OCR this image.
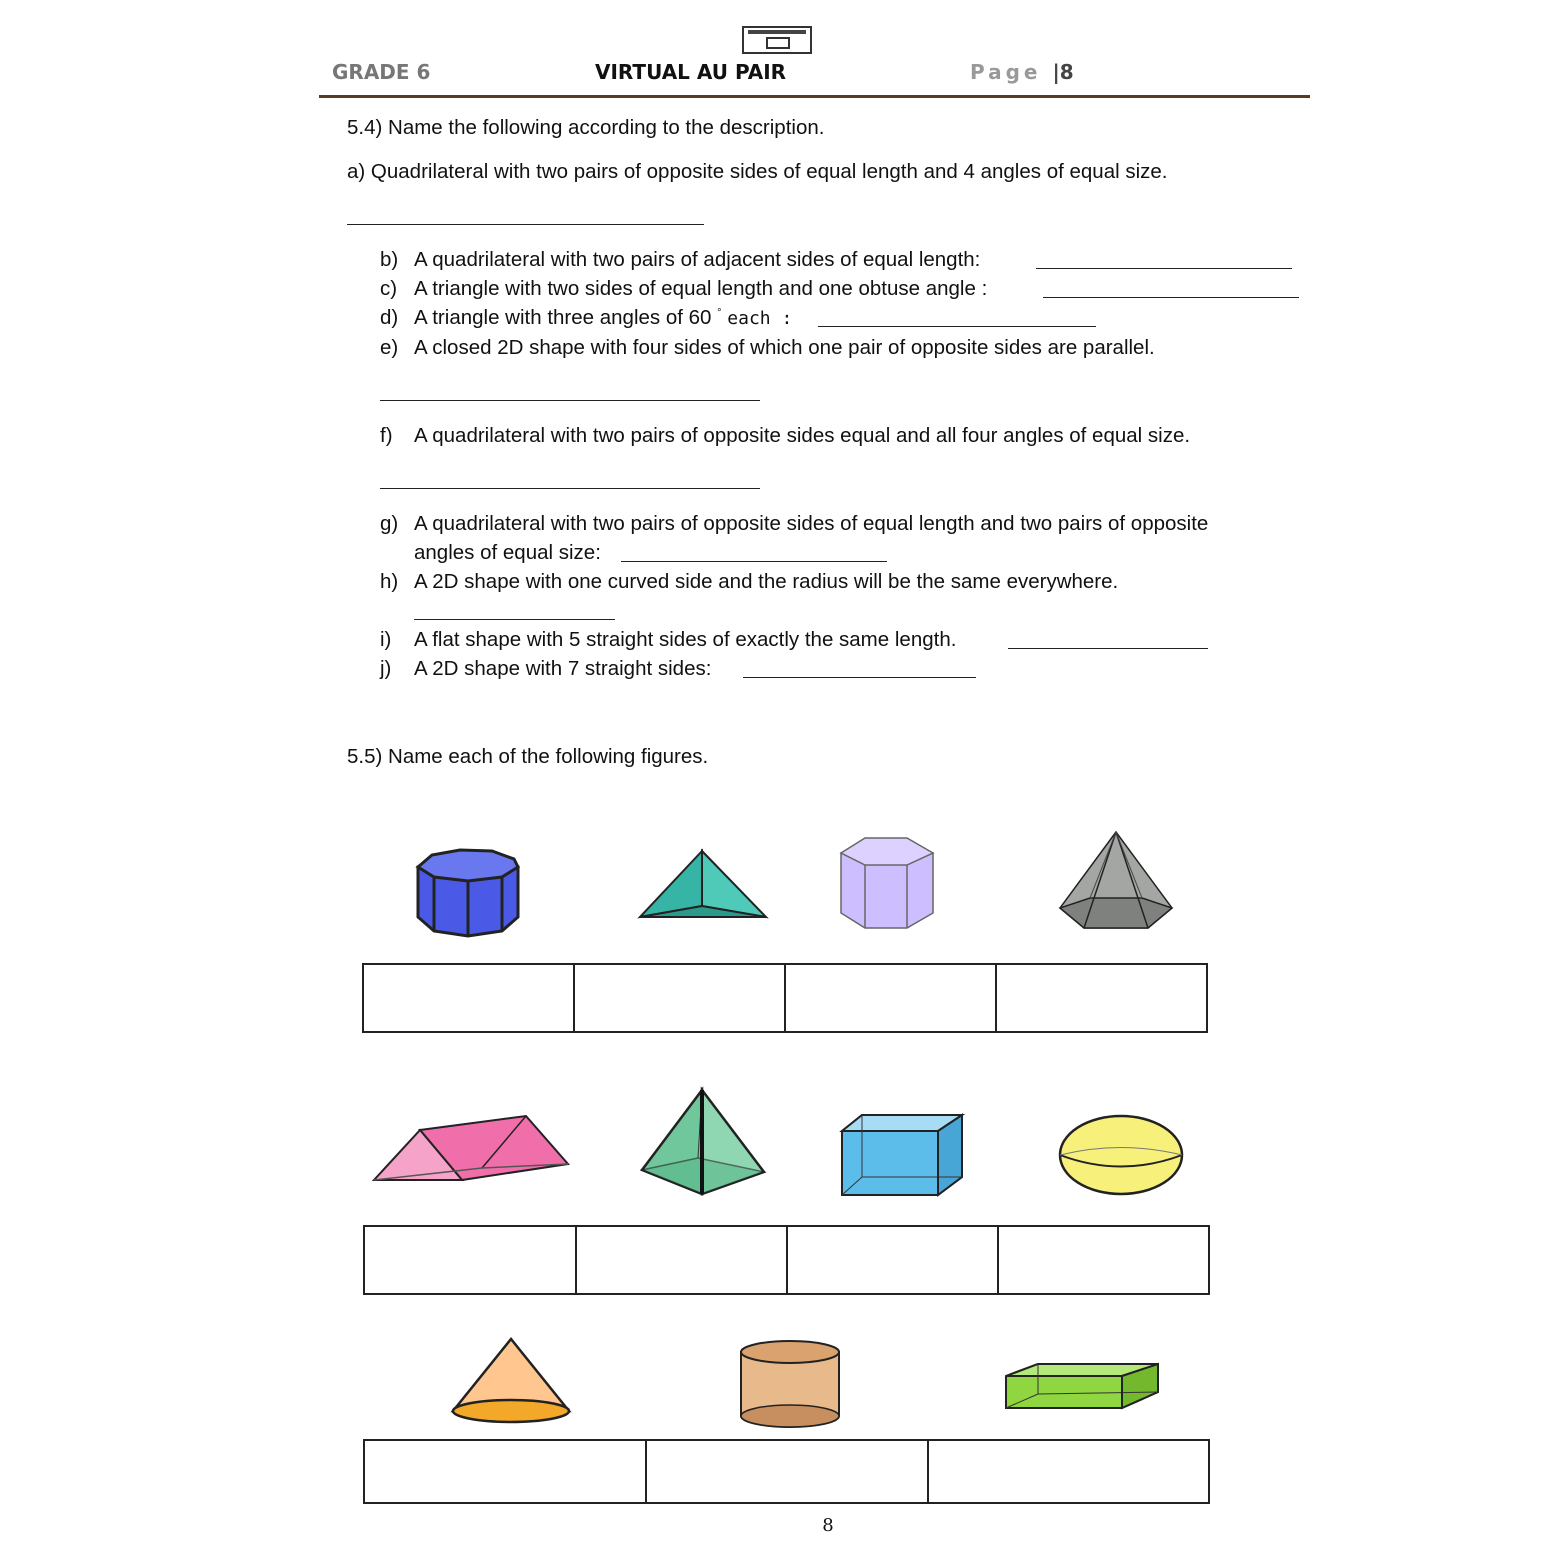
GRADE 6	VIRTUAL AU PAIR	Page |8
5.4) Name the following according to the description.
a) Quadrilateral with two pairs of opposite sides of equal length and 4 angles of equal size.
b) A quadrilateral with two pairs of adjacent sides of equal length:
c) A triangle with two sides of equal length and one obtuse angle :
d) A triangle with three angles of 60 ° each :
e) A closed 2D shape with four sides of which one pair of opposite sides are parallel.
f) A quadrilateral with two pairs of opposite sides equal and all four angles of equal size.
g) A quadrilateral with two pairs of opposite sides of equal length and two pairs of opposite
angles of equal size:
h) A 2D shape with one curved side and the radius will be the same everywhere.
i) A flat shape with 5 straight sides of exactly the same length.
j) A 2D shape with 7 straight sides:
5.5) Name each of the following figures.
8
